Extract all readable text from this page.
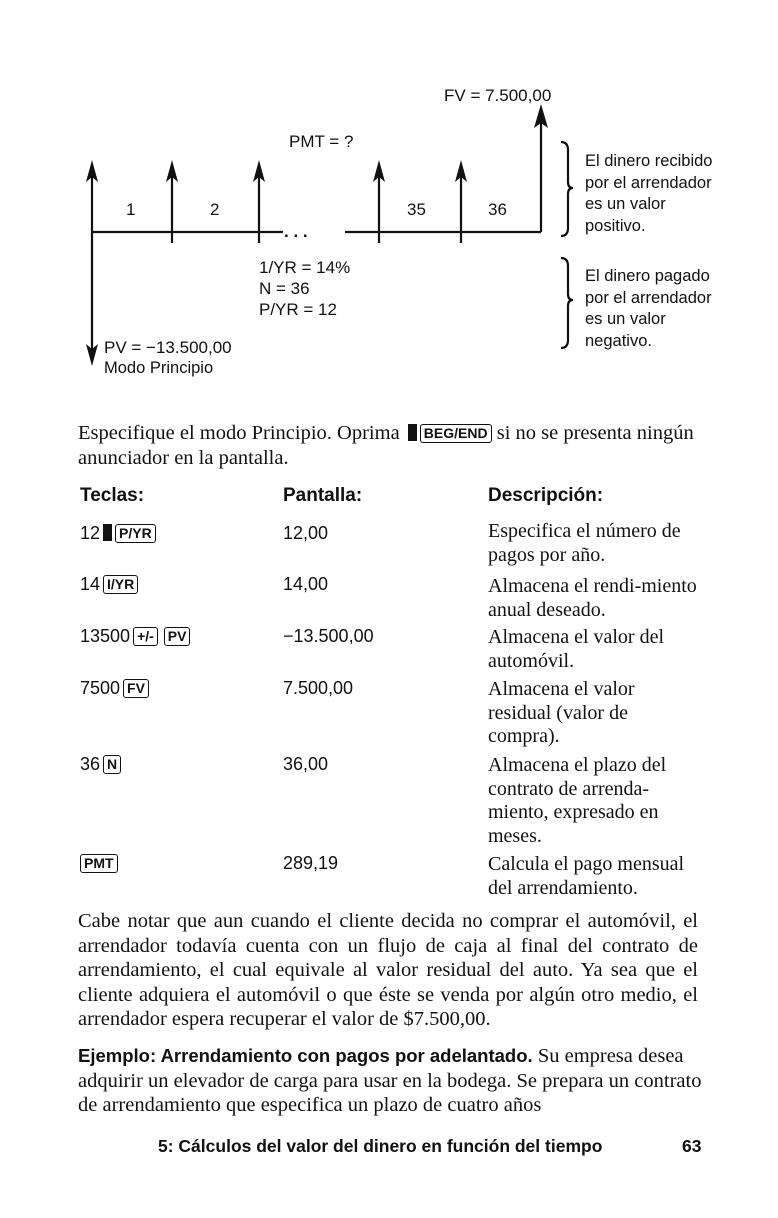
FV = 7.500,00
PMT = ?
1	2	35	36
. . .
1/YR = 14%
N = 36
P/YR = 12
PV = −13.500,00
Modo Principio
El dinero recibido
por el arrendador
es un valor
positivo.
El dinero pagado
por el arrendador
es un valor
negativo.
Especifique el modo Principio. Oprima BEG/END si no se presenta ningún anunciador en la pantalla.
Teclas:	Pantalla:	Descripción:
12 P/YR	12,00	Especifica el número de pagos por año.
14 I/YR	14,00	Almacena el rendi-miento anual deseado.
13500 +/- PV	−13.500,00	Almacena el valor del automóvil.
7500 FV	7.500,00	Almacena el valor residual (valor de compra).
36 N	36,00	Almacena el plazo del contrato de arrenda-miento, expresado en meses.
PMT	289,19	Calcula el pago mensual del arrendamiento.
Cabe notar que aun cuando el cliente decida no comprar el automóvil, el arrendador todavía cuenta con un flujo de caja al final del contrato de arrendamiento, el cual equivale al valor residual del auto. Ya sea que el cliente adquiera el automóvil o que éste se venda por algún otro medio, el arrendador espera recuperar el valor de $7.500,00.
Ejemplo: Arrendamiento con pagos por adelantado. Su empresa desea adquirir un elevador de carga para usar en la bodega. Se prepara un contrato de arrendamiento que especifica un plazo de cuatro años
5: Cálculos del valor del dinero en función del tiempo	63
